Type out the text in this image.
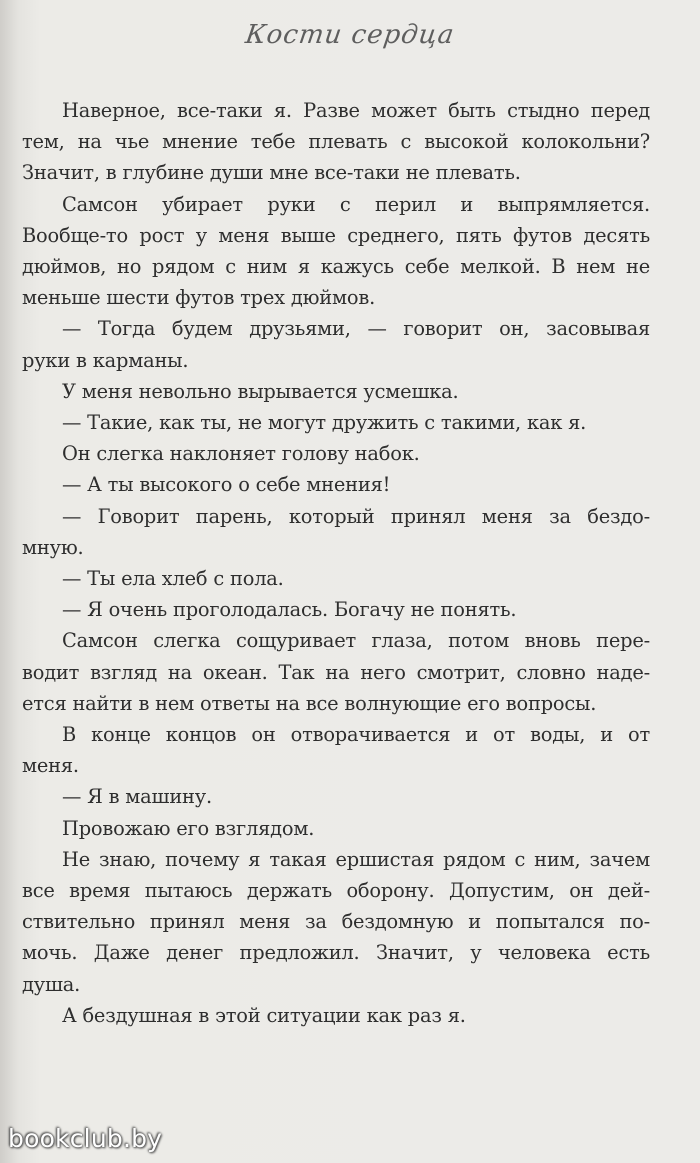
Кости сердца
Наверное, все-таки я. Разве может быть стыдно перед
тем, на чье мнение тебе плевать с высокой колокольни?
Значит, в глубине души мне все-таки не плевать.
Самсон убирает руки с перил и выпрямляется.
Вообще-то рост у меня выше среднего, пять футов десять
дюймов, но рядом с ним я кажусь себе мелкой. В нем не
меньше шести футов трех дюймов.
— Тогда будем друзьями, — говорит он, засовывая
руки в карманы.
У меня невольно вырывается усмешка.
— Такие, как ты, не могут дружить с такими, как я.
Он слегка наклоняет голову набок.
— А ты высокого о себе мнения!
— Говорит парень, который принял меня за бездо-
мную.
— Ты ела хлеб с пола.
— Я очень проголодалась. Богачу не понять.
Самсон слегка сощуривает глаза, потом вновь пере-
водит взгляд на океан. Так на него смотрит, словно наде-
ется найти в нем ответы на все волнующие его вопросы.
В конце концов он отворачивается и от воды, и от
меня.
— Я в машину.
Провожаю его взглядом.
Не знаю, почему я такая ершистая рядом с ним, зачем
все время пытаюсь держать оборону. Допустим, он дей-
ствительно принял меня за бездомную и попытался по-
мочь. Даже денег предложил. Значит, у человека есть
душа.
А бездушная в этой ситуации как раз я.
bookclub.by
